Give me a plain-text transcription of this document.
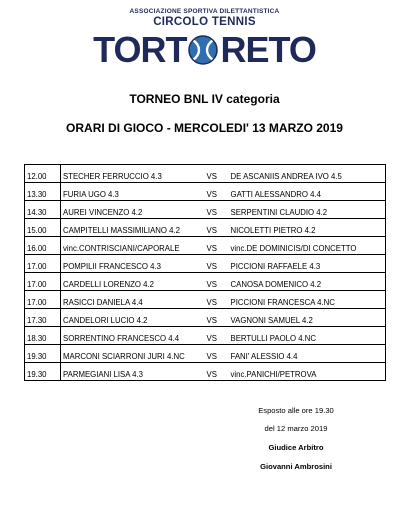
ASSOCIAZIONE SPORTIVA DILETTANTISTICA
CIRCOLO TENNIS
TORT RETO
TORNEO BNL IV categoria
ORARI DI GIOCO - MERCOLEDI' 13 MARZO 2019
12.00	STECHER FERRUCCIO 4.3	VS	DE ASCANIIS ANDREA IVO 4.5
13.30	FURIA UGO 4.3	VS	GATTI ALESSANDRO 4.4
14.30	AUREI VINCENZO 4.2	VS	SERPENTINI CLAUDIO 4.2
15.00	CAMPITELLI MASSIMILIANO 4.2	VS	NICOLETTI PIETRO 4.2
16.00	vinc.CONTRISCIANI/CAPORALE	VS	vinc.DE DOMINICIS/DI CONCETTO
17.00	POMPILII FRANCESCO 4.3	VS	PICCIONI RAFFAELE 4.3
17.00	CARDELLI LORENZO 4.2	VS	CANOSA DOMENICO 4.2
17.00	RASICCI DANIELA 4.4	VS	PICCIONI FRANCESCA 4.NC
17.30	CANDELORI LUCIO 4.2	VS	VAGNONI SAMUEL 4.2
18.30	SORRENTINO FRANCESCO 4.4	VS	BERTULLI PAOLO 4.NC
19.30	MARCONI SCIARRONI JURI 4.NC	VS	FANI' ALESSIO 4.4
19.30	PARMEGIANI LISA 4.3	VS	vinc.PANICHI/PETROVA
Esposto alle ore 19.30
del 12 marzo 2019
Giudice Arbitro
Giovanni Ambrosini
